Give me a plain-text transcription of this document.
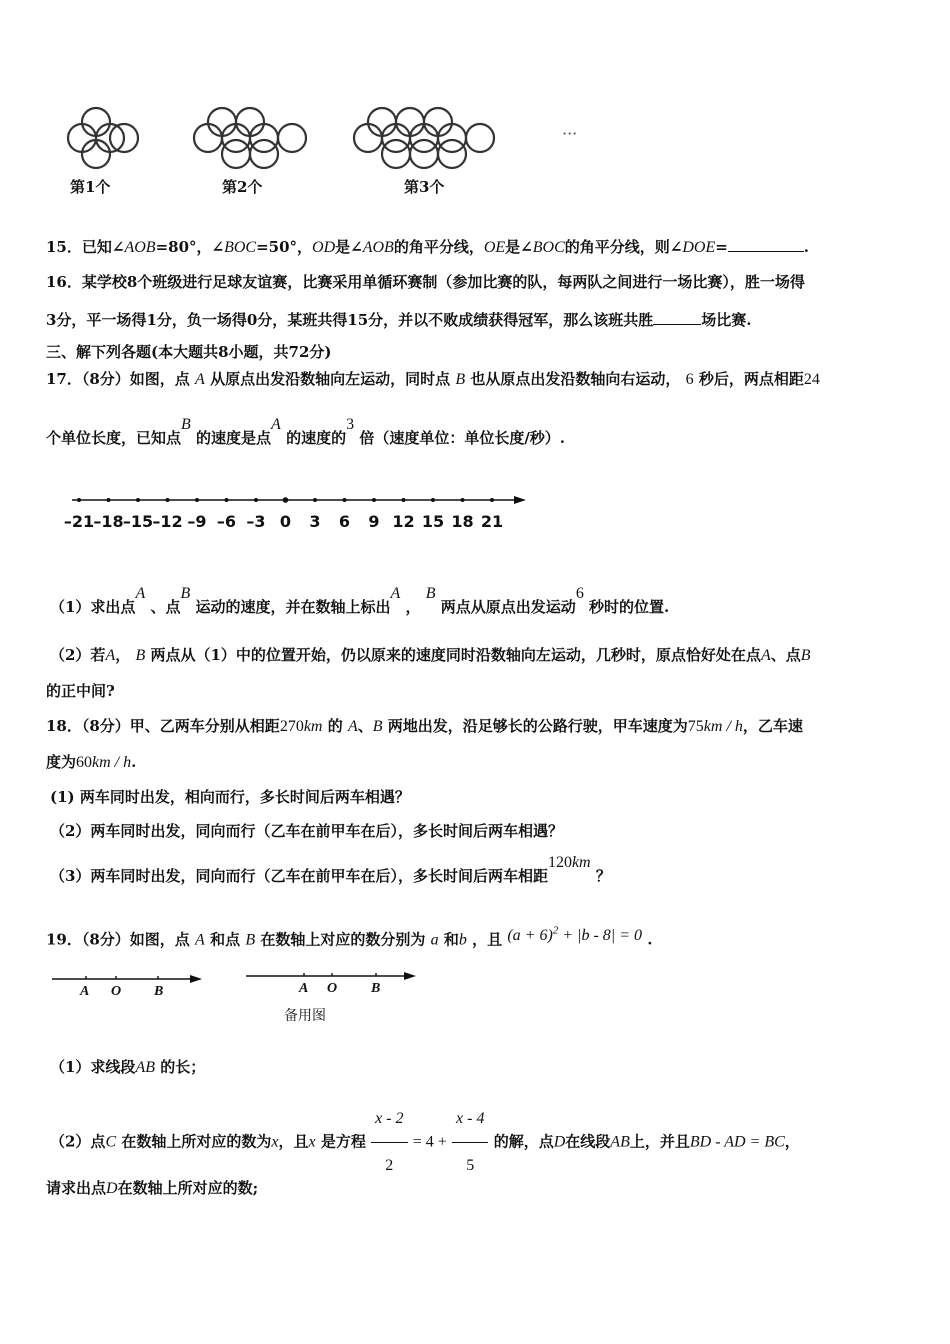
第1个	第2个	第3个
···
15．已知∠AOB=80°，∠BOC=50°，OD是∠AOB的角平分线，OE是∠BOC的角平分线，则∠DOE=	.
16．某学校8个班级进行足球友谊赛，比赛采用单循环赛制（参加比赛的队，每两队之间进行一场比赛），胜一场得
3分，平一场得1分，负一场得0分，某班共得15分，并以不败成绩获得冠军，那么该班共胜	场比赛.
三、解下列各题(本大题共8小题，共72分)
17．（8分）如图，点 A 从原点出发沿数轴向左运动，同时点 B 也从原点出发沿数轴向右运动， 6 秒后，两点相距24
个单位长度，已知点B 的速度是点A 的速度的3 倍（速度单位：单位长度/秒）.
–21 –18 –15 –12 –9 –6 –3 0 3 6 9 12 15 18 21
（1）求出点A 、点B 运动的速度，并在数轴上标出A ， B 两点从原点出发运动6 秒时的位置.
（2）若A， B 两点从（1）中的位置开始，仍以原来的速度同时沿数轴向左运动，几秒时，原点恰好处在点A、点B
的正中间?
18．（8分）甲、乙两车分别从相距270km 的 A、B 两地出发，沿足够长的公路行驶，甲车速度为75km / h，乙车速
度为60km / h.
(1) 两车同时出发，相向而行，多长时间后两车相遇？
（2）两车同时出发，同向而行（乙车在前甲车在后），多长时间后两车相遇？
（3）两车同时出发，同向而行（乙车在前甲车在后），多长时间后两车相距120km ？
19．（8分）如图，点 A 和点 B 在数轴上对应的数分别为 a 和b ，且 $(a + 6)^2 + |b - 8| = 0$ .
A O B	A O B
备用图
（1）求线段AB 的长；
（2）点C 在数轴上所对应的数为x，且x 是方程 $\frac{x - 2}{2} = 4 + \frac{x - 4}{5}$ 的解，点D在线段AB上，并且BD - AD = BC，
请求出点D在数轴上所对应的数;
